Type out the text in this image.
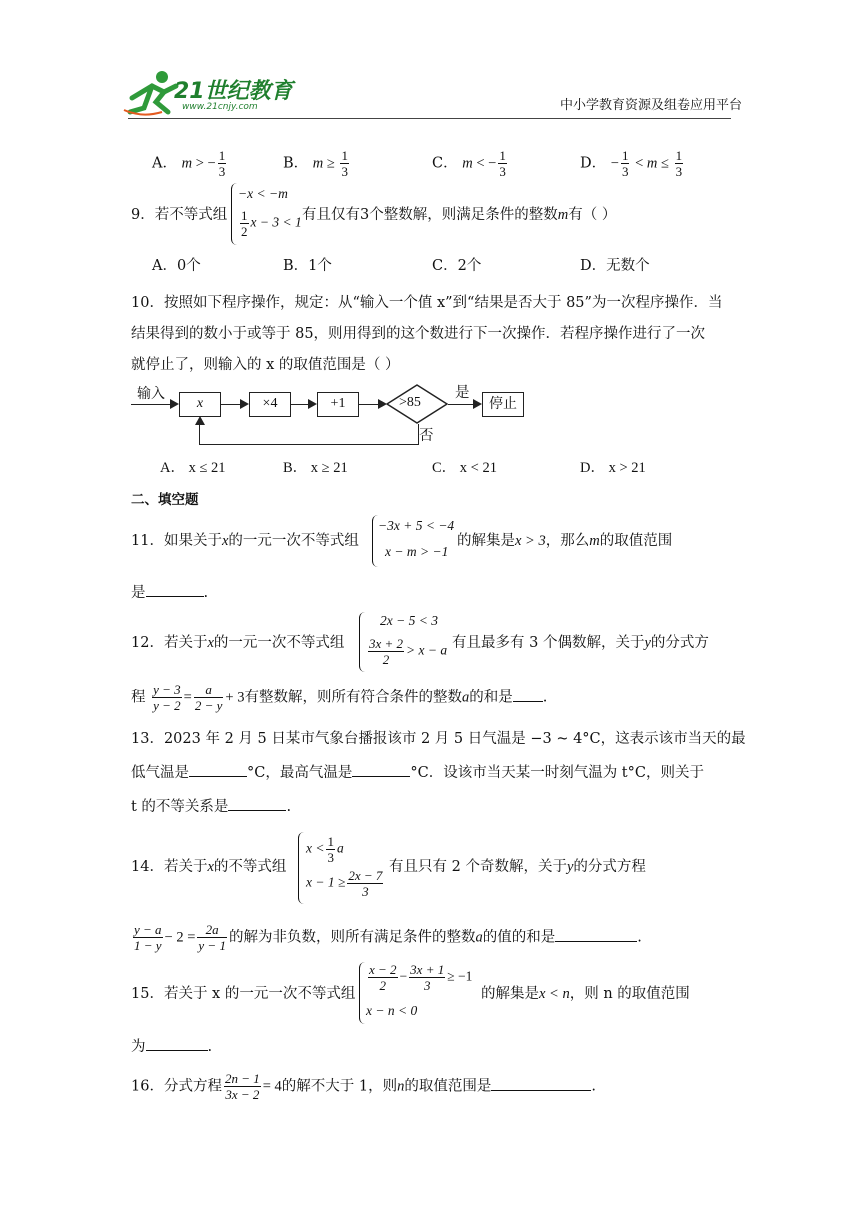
21世纪教育
www.21cnjy.com	中小学教育资源及组卷应用平台
A． m > − $\frac{1}{3}$	B． $m \ge \frac{1}{3}$	C． m < − $\frac{1}{3}$	D． − $\frac{1}{3} < m \le \frac{1}{3}$
9．若不等式组
−x < −m
$\frac{1}{2}$ x − 3 < 1 有且仅有3个整数解，则满足条件的整数m有（ ）
A．0个	B．1个	C．2个	D．无数个
10．按照如下程序操作，规定：从“输入一个值 x”到“结果是否大于 85”为一次程序操作．当
结果得到的数小于或等于 85，则用得到的这个数进行下一次操作．若程序操作进行了一次
就停止了，则输入的 x 的取值范围是（ ）
输入
x	×4	+1	>85
是
停止
否
A． x ≤ 21	B． x ≥ 21	C． x < 21	D． x > 21
二、填空题
11．如果关于x的一元一次不等式组
−3x + 5 < −4
x − m > −1
的解集是x > 3，那么m的取值范围
是	.
12．若关于x的一元一次不等式组
2x − 5 < 3
$\frac{3x + 2}{2} > x - a$ 有且最多有 3 个偶数解，关于y的分式方
程 $\frac{y - 3}{y - 2} = \frac{a}{2 - y} + 3$有整数解，则所有符合条件的整数a的和是 .
13．2023 年 2 月 5 日某市气象台播报该市 2 月 5 日气温是 −3 ~ 4°C，这表示该市当天的最
低气温是	°C，最高气温是	°C．设该市当天某一时刻气温为 t°C，则关于
t 的不等关系是	.
14．若关于x的不等式组
$x < \frac{1}{3}$ a
$x - 1 \ge \frac{2x - 7}{3}$
有且只有 2 个奇数解，关于y的分式方程
$\frac{y - a}{1 - y} - 2 = \frac{2a}{y - 1}$ 的解为非负数，则所有满足条件的整数a的值的和是	.
15．若关于 x 的一元一次不等式组
$\frac{x - 2}{2} - \frac{3x + 1}{3} \ge -1$
x − n < 0
的解集是x < n，则 n 的取值范围
为	.
16．分式方程 $\frac{2n - 1}{3x - 2} = 4$的解不大于 1，则n的取值范围是	.
